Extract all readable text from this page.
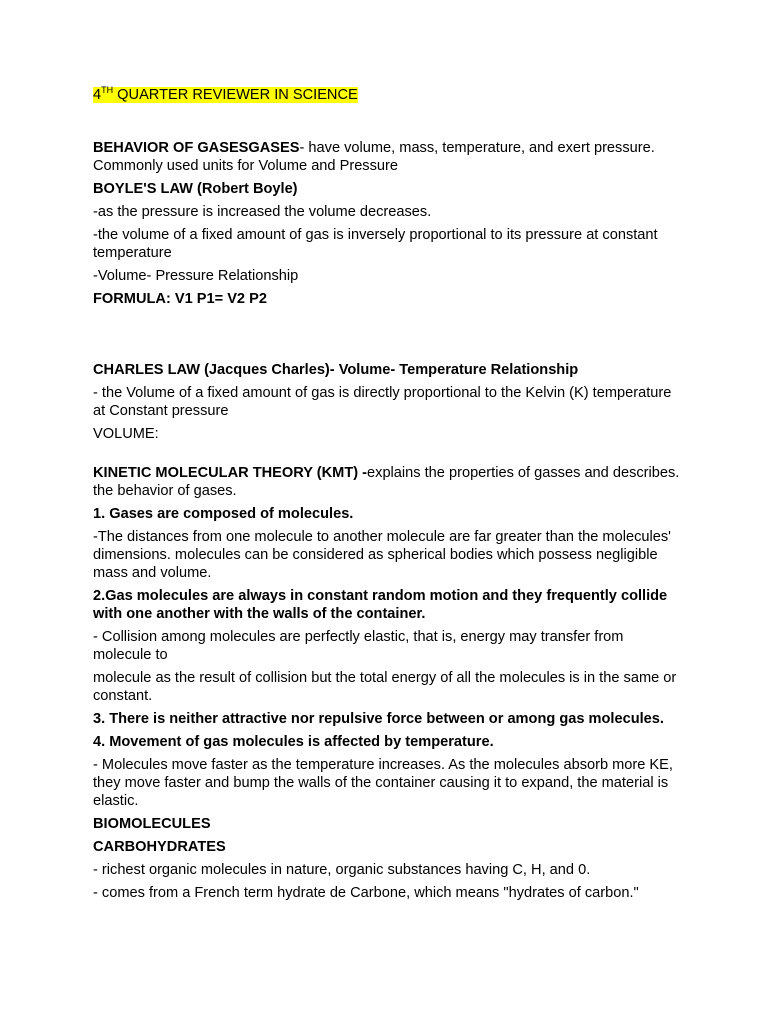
4TH QUARTER REVIEWER IN SCIENCE

BEHAVIOR OF GASESGASES- have volume, mass, temperature, and exert pressure. Commonly used units for Volume and Pressure

BOYLE'S LAW (Robert Boyle)

-as the pressure is increased the volume decreases.

-the volume of a fixed amount of gas is inversely proportional to its pressure at constant temperature

-Volume- Pressure Relationship

FORMULA: V1 P1= V2 P2

CHARLES LAW (Jacques Charles)- Volume- Temperature Relationship

- the Volume of a fixed amount of gas is directly proportional to the Kelvin (K) temperature at Constant pressure

VOLUME:

KINETIC MOLECULAR THEORY (KMT) -explains the properties of gasses and describes. the behavior of gases.

1. Gases are composed of molecules.

-The distances from one molecule to another molecule are far greater than the molecules' dimensions. molecules can be considered as spherical bodies which possess negligible mass and volume.

2.Gas molecules are always in constant random motion and they frequently collide with one another with the walls of the container.

- Collision among molecules are perfectly elastic, that is, energy may transfer from molecule to

molecule as the result of collision but the total energy of all the molecules is in the same or constant.

3. There is neither attractive nor repulsive force between or among gas molecules.

4. Movement of gas molecules is affected by temperature.

- Molecules move faster as the temperature increases. As the molecules absorb more KE, they move faster and bump the walls of the container causing it to expand, the material is elastic.

BIOMOLECULES

CARBOHYDRATES

- richest organic molecules in nature, organic substances having C, H, and 0.

- comes from a French term hydrate de Carbone, which means "hydrates of carbon."
